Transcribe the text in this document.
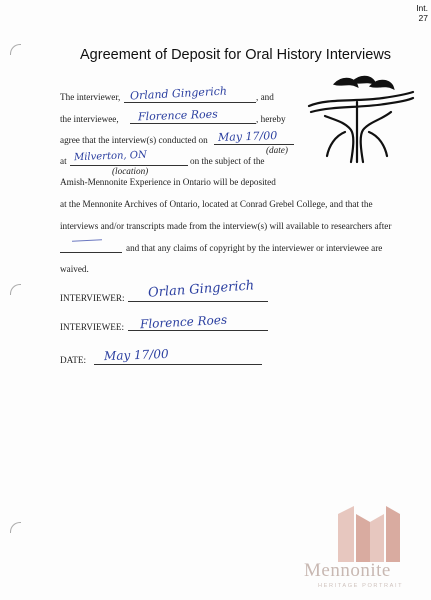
Int.
27
Agreement of Deposit for Oral History Interviews
The interviewer, Orland Gingerich	, and
the interviewee, Florence Roes	, hereby
agree that the interview(s) conducted on May 17/00
(date)
at Milverton, ON
(location)
on the subject of the
Amish-Mennonite Experience in Ontario will be deposited
at the Mennonite Archives of Ontario, located at Conrad Grebel College, and that the
interviews and/or transcripts made from the interview(s) will available to researchers after
and that any claims of copyright by the interviewer or interviewee are
waived.
INTERVIEWER: Orlan Gingerich
INTERVIEWEE: Florence Roes
DATE: May 17/00
Mennonite
HERITAGE PORTRAIT
